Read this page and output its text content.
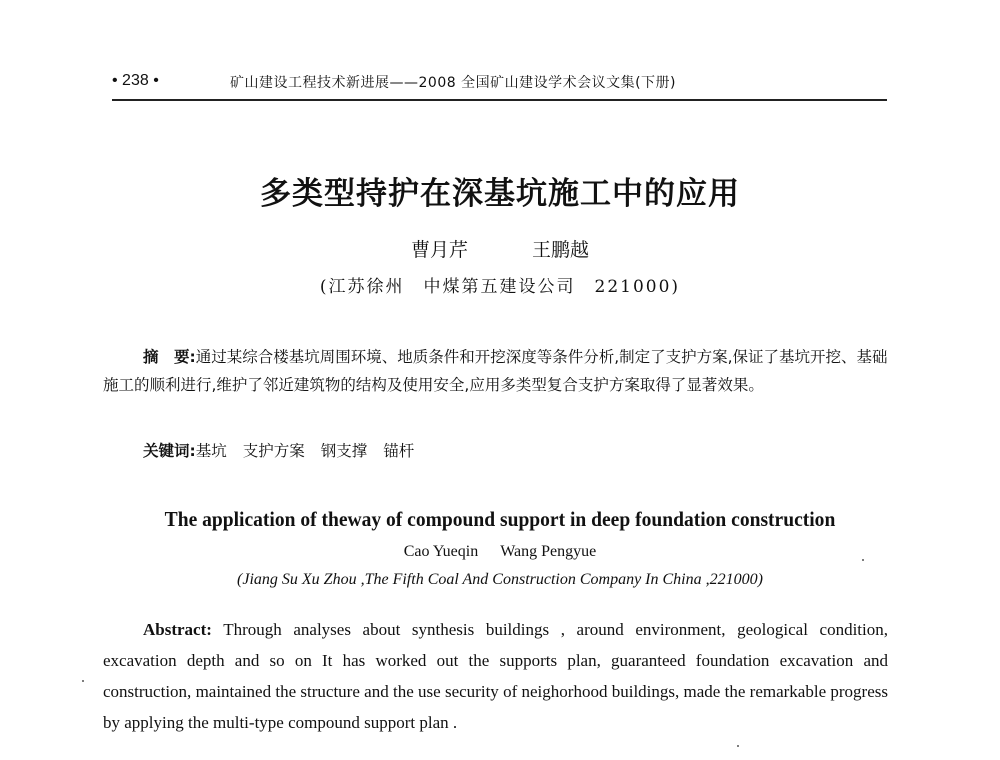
• 238 •	矿山建设工程技术新进展——2008 全国矿山建设学术会议文集(下册)
多类型持护在深基坑施工中的应用
曹月芹	王鹏越
(江苏徐州　中煤第五建设公司　221000)
摘　要:通过某综合楼基坑周围环境、地质条件和开挖深度等条件分析,制定了支护方案,保证了基坑开挖、基础施工的顺利进行,维护了邻近建筑物的结构及使用安全,应用多类型复合支护方案取得了显著效果。
关键词:基坑 支护方案 钢支撑 锚杆
The application of theway of compound support in deep foundation construction
Cao Yueqin Wang Pengyue
(Jiang Su Xu Zhou ,The Fifth Coal And Construction Company In China ,221000)
Abstract: Through analyses about synthesis buildings , around environment, geological condition, excavation depth and so on It has worked out the supports plan, guaranteed foundation excavation and construction, maintained the structure and the use security of neighorhood buildings, made the remarkable progress by applying the multi-type compound support plan .
